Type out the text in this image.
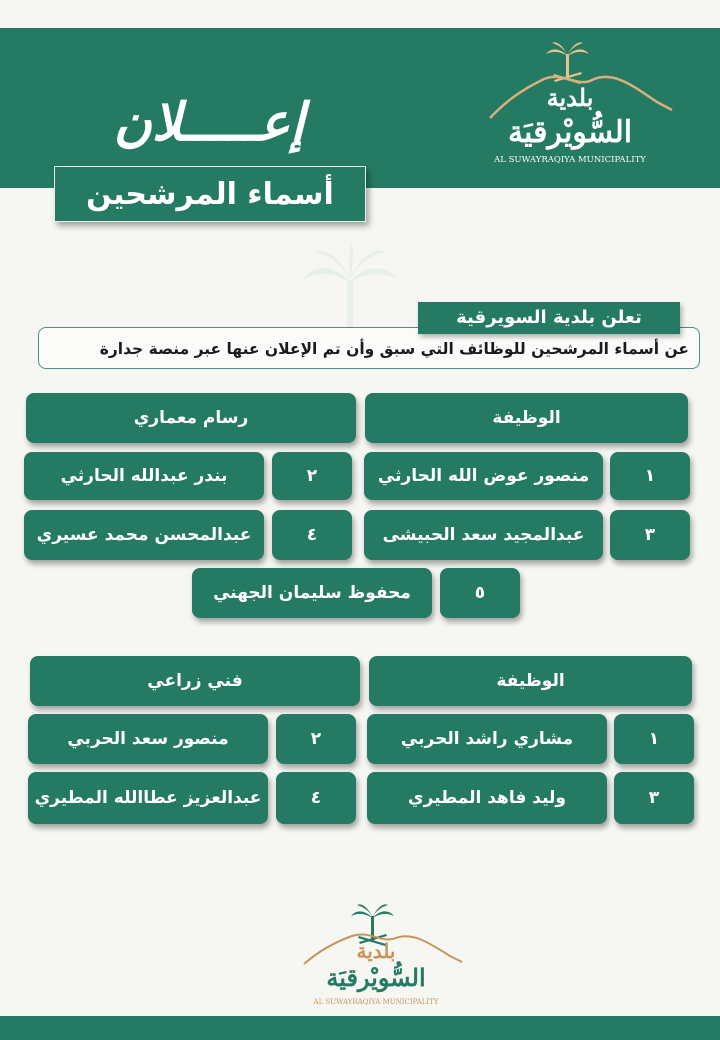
بلدية
السُّويْرقيَة
AL SUWAYRAQIYA MUNICIPALITY
إعـــــلان
أسماء المرشحين
عن أسماء المرشحين للوظائف التي سبق وأن تم الإعلان عنها عبر منصة جدارة
تعلن بلدية السويرقية
الوظيفة
رسام معماري
١
منصور عوض الله الحارثي
٢
بندر عبدالله الحارثي
٣
عبدالمجيد سعد الحبيشى
٤
عبدالمحسن محمد عسيري
٥
محفوظ سليمان الجهني
الوظيفة
فني زراعي
١
مشاري راشد الحربي
٢
منصور سعد الحربي
٣
وليد فاهد المطيري
٤
عبدالعزيز عطاالله المطيري
بلدية
السُّويْرقيَة
AL SUWAYRAQIYA MUNICIPALITY
